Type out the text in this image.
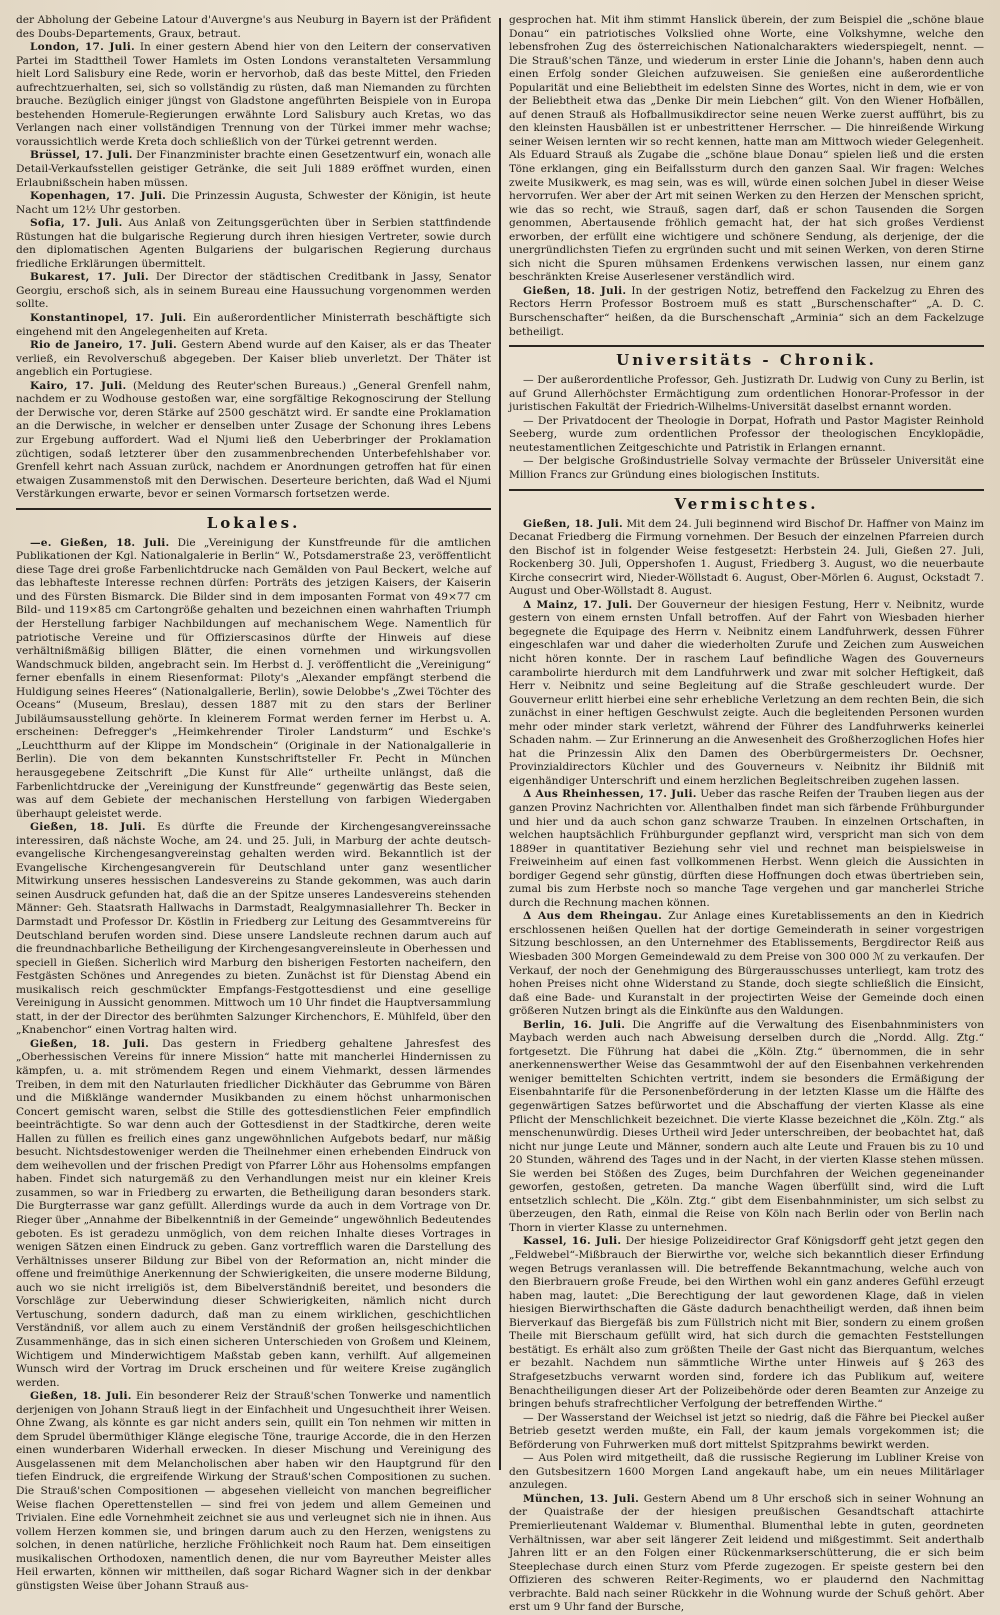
der Abholung der Gebeine Latour d'Auvergne's aus Neuburg in Bayern ist der Präfident des Doubs-Departements, Graux, betraut.

London, 17. Juli. In einer gestern Abend hier von den Leitern der conservativen Partei im Stadttheil Tower Hamlets im Osten Londons veranstalteten Versammlung hielt Lord Salisbury eine Rede, worin er hervorhob, daß das beste Mittel, den Frieden aufrechtzuerhalten, sei, sich so vollständig zu rüsten, daß man Niemanden zu fürchten brauche. Bezüglich einiger jüngst von Gladstone angeführten Beispiele von in Europa bestehenden Homerule-Regierungen erwähnte Lord Salisbury auch Kretas, wo das Verlangen nach einer vollständigen Trennung von der Türkei immer mehr wachse; voraussichtlich werde Kreta doch schließlich von der Türkei getrennt werden.

Brüssel, 17. Juli. Der Finanzminister brachte einen Gesetzentwurf ein, wonach alle Detail-Verkaufsstellen geistiger Getränke, die seit Juli 1889 eröffnet wurden, einen Erlaubnißschein haben müssen.

Kopenhagen, 17. Juli. Die Prinzessin Augusta, Schwester der Königin, ist heute Nacht um 12½ Uhr gestorben.

Sofia, 17. Juli. Aus Anlaß von Zeitungsgerüchten über in Serbien stattfindende Rüstungen hat die bulgarische Regierung durch ihren hiesigen Vertreter, sowie durch den diplomatischen Agenten Bulgariens der bulgarischen Regierung durchaus friedliche Erklärungen übermittelt.

Bukarest, 17. Juli. Der Director der städtischen Creditbank in Jassy, Senator Georgiu, erschoß sich, als in seinem Bureau eine Haussuchung vorgenommen werden sollte.

Konstantinopel, 17. Juli. Ein außerordentlicher Ministerrath beschäftigte sich eingehend mit den Angelegenheiten auf Kreta.

Rio de Janeiro, 17. Juli. Gestern Abend wurde auf den Kaiser, als er das Theater verließ, ein Revolverschuß abgegeben. Der Kaiser blieb unverletzt. Der Thäter ist angeblich ein Portugiese.

Kairo, 17. Juli. (Meldung des Reuter'schen Bureaus.) „General Grenfell nahm, nachdem er zu Wodhouse gestoßen war, eine sorgfältige Rekognoscirung der Stellung der Derwische vor, deren Stärke auf 2500 geschätzt wird. Er sandte eine Proklamation an die Derwische, in welcher er denselben unter Zusage der Schonung ihres Lebens zur Ergebung auffordert. Wad el Njumi ließ den Ueberbringer der Proklamation züchtigen, sodaß letzterer über den zusammenbrechenden Unterbefehlshaber vor. Grenfell kehrt nach Assuan zurück, nachdem er Anordnungen getroffen hat für einen etwaigen Zusammenstoß mit den Derwischen. Deserteure berichten, daß Wad el Njumi Verstärkungen erwarte, bevor er seinen Vormarsch fortsetzen werde.

Lokales.

—e. Gießen, 18. Juli. Die „Vereinigung der Kunstfreunde für die amtlichen Publikationen der Kgl. Nationalgalerie in Berlin“ W., Potsdamerstraße 23, veröffentlicht diese Tage drei große Farbenlichtdrucke nach Gemälden von Paul Beckert, welche auf das lebhafteste Interesse rechnen dürfen: Porträts des jetzigen Kaisers, der Kaiserin und des Fürsten Bismarck. Die Bilder sind in dem imposanten Format von 49×77 cm Bild- und 119×85 cm Cartongröße gehalten und bezeichnen einen wahrhaften Triumph der Herstellung farbiger Nachbildungen auf mechanischem Wege. Namentlich für patriotische Vereine und für Offizierscasinos dürfte der Hinweis auf diese verhältnißmäßig billigen Blätter, die einen vornehmen und wirkungsvollen Wandschmuck bilden, angebracht sein. Im Herbst d. J. veröffentlicht die „Vereinigung“ ferner ebenfalls in einem Riesenformat: Piloty's „Alexander empfängt sterbend die Huldigung seines Heeres“ (Nationalgallerie, Berlin), sowie Delobbe's „Zwei Töchter des Oceans“ (Museum, Breslau), dessen 1887 mit zu den stars der Berliner Jubiläumsausstellung gehörte. In kleinerem Format werden ferner im Herbst u. A. erscheinen: Defregger's „Heimkehrender Tiroler Landsturm“ und Eschke's „Leuchtthurm auf der Klippe im Mondschein“ (Originale in der Nationalgallerie in Berlin). Die von dem bekannten Kunstschriftsteller Fr. Pecht in München herausgegebene Zeitschrift „Die Kunst für Alle“ urtheilte unlängst, daß die Farbenlichtdrucke der „Vereinigung der Kunstfreunde“ gegenwärtig das Beste seien, was auf dem Gebiete der mechanischen Herstellung von farbigen Wiedergaben überhaupt geleistet werde.

Gießen, 18. Juli. Es dürfte die Freunde der Kirchengesangvereinssache interessiren, daß nächste Woche, am 24. und 25. Juli, in Marburg der achte deutsch-evangelische Kirchengesangvereinstag gehalten werden wird. Bekanntlich ist der Evangelische Kirchengesangverein für Deutschland unter ganz wesentlicher Mitwirkung unseres hessischen Landesvereins zu Stande gekommen, was auch darin seinen Ausdruck gefunden hat, daß die an der Spitze unseres Landesvereins stehenden Männer: Geh. Staatsrath Hallwachs in Darmstadt, Realgymnasiallehrer Th. Becker in Darmstadt und Professor Dr. Köstlin in Friedberg zur Leitung des Gesammtvereins für Deutschland berufen worden sind. Diese unsere Landsleute rechnen darum auch auf die freundnachbarliche Betheiligung der Kirchengesangvereinsleute in Oberhessen und speciell in Gießen. Sicherlich wird Marburg den bisherigen Festorten nacheifern, den Festgästen Schönes und Anregendes zu bieten. Zunächst ist für Dienstag Abend ein musikalisch reich geschmückter Empfangs-Festgottesdienst und eine gesellige Vereinigung in Aussicht genommen. Mittwoch um 10 Uhr findet die Hauptversammlung statt, in der der Director des berühmten Salzunger Kirchenchors, E. Mühlfeld, über den „Knabenchor“ einen Vortrag halten wird.

Gießen, 18. Juli. Das gestern in Friedberg gehaltene Jahresfest des „Oberhessischen Vereins für innere Mission“ hatte mit mancherlei Hindernissen zu kämpfen, u. a. mit strömendem Regen und einem Viehmarkt, dessen lärmendes Treiben, in dem mit den Naturlauten friedlicher Dickhäuter das Gebrumme von Bären und die Mißklänge wandernder Musikbanden zu einem höchst unharmonischen Concert gemischt waren, selbst die Stille des gottesdienstlichen Feier empfindlich beeinträchtigte. So war denn auch der Gottesdienst in der Stadtkirche, deren weite Hallen zu füllen es freilich eines ganz ungewöhnlichen Aufgebots bedarf, nur mäßig besucht. Nichtsdestoweniger werden die Theilnehmer einen erhebenden Eindruck von dem weihevollen und der frischen Predigt von Pfarrer Löhr aus Hohensolms empfangen haben. Findet sich naturgemäß zu den Verhandlungen meist nur ein kleiner Kreis zusammen, so war in Friedberg zu erwarten, die Betheiligung daran besonders stark. Die Burgterrasse war ganz gefüllt. Allerdings wurde da auch in dem Vortrage von Dr. Rieger über „Annahme der Bibelkenntniß in der Gemeinde“ ungewöhnlich Bedeutendes geboten. Es ist geradezu unmöglich, von dem reichen Inhalte dieses Vortrages in wenigen Sätzen einen Eindruck zu geben. Ganz vortrefflich waren die Darstellung des Verhältnisses unserer Bildung zur Bibel von der Reformation an, nicht minder die offene und freimüthige Anerkennung der Schwierigkeiten, die unsere moderne Bildung, auch wo sie nicht irreligiös ist, dem Bibelverständniß bereitet, und besonders die Vorschläge zur Ueberwindung dieser Schwierigkeiten, nämlich nicht durch Vertuschung, sondern dadurch, daß man zu einem wirklichen, geschichtlichen Verständniß, vor allem auch zu einem Verständniß der großen heilsgeschichtlichen Zusammenhänge, das in sich einen sicheren Unterschieden von Großem und Kleinem, Wichtigem und Minderwichtigem Maßstab geben kann, verhilft. Auf allgemeinen Wunsch wird der Vortrag im Druck erscheinen und für weitere Kreise zugänglich werden.

Gießen, 18. Juli. Ein besonderer Reiz der Strauß'schen Tonwerke und namentlich derjenigen von Johann Strauß liegt in der Einfachheit und Ungesuchtheit ihrer Weisen. Ohne Zwang, als könnte es gar nicht anders sein, quillt ein Ton nehmen wir mitten in dem Sprudel übermüthiger Klänge elegische Töne, traurige Accorde, die in den Herzen einen wunderbaren Widerhall erwecken. In dieser Mischung und Vereinigung des Ausgelassenen mit dem Melancholischen aber haben wir den Hauptgrund für den tiefen Eindruck, die ergreifende Wirkung der Strauß'schen Compositionen zu suchen. Die Strauß'schen Compositionen — abgesehen vielleicht von manchen begreiflicher Weise flachen Operettenstellen — sind frei von jedem und allem Gemeinen und Trivialen. Eine edle Vornehmheit zeichnet sie aus und verleugnet sich nie in ihnen. Aus vollem Herzen kommen sie, und bringen darum auch zu den Herzen, wenigstens zu solchen, in denen natürliche, herzliche Fröhlichkeit noch Raum hat. Dem einseitigen musikalischen Orthodoxen, namentlich denen, die nur vom Bayreuther Meister alles Heil erwarten, können wir mittheilen, daß sogar Richard Wagner sich in der denkbar günstigsten Weise über Johann Strauß aus-

gesprochen hat. Mit ihm stimmt Hanslick überein, der zum Beispiel die „schöne blaue Donau“ ein patriotisches Volkslied ohne Worte, eine Volkshymne, welche den lebensfrohen Zug des österreichischen Nationalcharakters wiederspiegelt, nennt. — Die Strauß'schen Tänze, und wiederum in erster Linie die Johann's, haben denn auch einen Erfolg sonder Gleichen aufzuweisen. Sie genießen eine außerordentliche Popularität und eine Beliebtheit im edelsten Sinne des Wortes, nicht in dem, wie er von der Beliebtheit etwa das „Denke Dir mein Liebchen“ gilt. Von den Wiener Hofbällen, auf denen Strauß als Hofballmusikdirector seine neuen Werke zuerst aufführt, bis zu den kleinsten Hausbällen ist er unbestrittener Herrscher. — Die hinreißende Wirkung seiner Weisen lernten wir so recht kennen, hatte man am Mittwoch wieder Gelegenheit. Als Eduard Strauß als Zugabe die „schöne blaue Donau“ spielen ließ und die ersten Töne erklangen, ging ein Beifallssturm durch den ganzen Saal. Wir fragen: Welches zweite Musikwerk, es mag sein, was es will, würde einen solchen Jubel in dieser Weise hervorrufen. Wer aber der Art mit seinen Werken zu den Herzen der Menschen spricht, wie das so recht, wie Strauß, sagen darf, daß er schon Tausenden die Sorgen genommen, Abertausende fröhlich gemacht hat, der hat sich großes Verdienst erworben, der erfüllt eine wichtigere und schönere Sendung, als derjenige, der die unergründlichsten Tiefen zu ergründen sucht und mit seinen Werken, von deren Stirne sich nicht die Spuren mühsamen Erdenkens verwischen lassen, nur einem ganz beschränkten Kreise Auserlesener verständlich wird.

Gießen, 18. Juli. In der gestrigen Notiz, betreffend den Fackelzug zu Ehren des Rectors Herrn Professor Bostroem muß es statt „Burschenschafter“ „A. D. C. Burschenschafter“ heißen, da die Burschenschaft „Arminia“ sich an dem Fackelzuge betheiligt.

Universitäts - Chronik.

— Der außerordentliche Professor, Geh. Justizrath Dr. Ludwig von Cuny zu Berlin, ist auf Grund Allerhöchster Ermächtigung zum ordentlichen Honorar-Professor in der juristischen Fakultät der Friedrich-Wilhelms-Universität daselbst ernannt worden.

— Der Privatdocent der Theologie in Dorpat, Hofrath und Pastor Magister Reinhold Seeberg, wurde zum ordentlichen Professor der theologischen Encyklopädie, neutestamentlichen Zeitgeschichte und Patristik in Erlangen ernannt.

— Der belgische Großindustrielle Solvay vermachte der Brüsseler Universität eine Million Francs zur Gründung eines biologischen Instituts.

Vermischtes.

Gießen, 18. Juli. Mit dem 24. Juli beginnend wird Bischof Dr. Haffner von Mainz im Decanat Friedberg die Firmung vornehmen. Der Besuch der einzelnen Pfarreien durch den Bischof ist in folgender Weise festgesetzt: Herbstein 24. Juli, Gießen 27. Juli, Rockenberg 30. Juli, Oppershofen 1. August, Friedberg 3. August, wo die neuerbaute Kirche consecrirt wird, Nieder-Wöllstadt 6. August, Ober-Mörlen 6. August, Ockstadt 7. August und Ober-Wöllstadt 8. August.

Δ Mainz, 17. Juli. Der Gouverneur der hiesigen Festung, Herr v. Neibnitz, wurde gestern von einem ernsten Unfall betroffen. Auf der Fahrt von Wiesbaden hierher begegnete die Equipage des Herrn v. Neibnitz einem Landfuhrwerk, dessen Führer eingeschlafen war und daher die wiederholten Zurufe und Zeichen zum Ausweichen nicht hören konnte. Der in raschem Lauf befindliche Wagen des Gouverneurs carambolirte hierdurch mit dem Landfuhrwerk und zwar mit solcher Heftigkeit, daß Herr v. Neibnitz und seine Begleitung auf die Straße geschleudert wurde. Der Gouverneur erlitt hierbei eine sehr erhebliche Verletzung an dem rechten Bein, die sich zunächst in einer heftigen Geschwulst zeigte. Auch die begleitenden Personen wurden mehr oder minder stark verletzt, während der Führer des Landfuhrwerks keinerlei Schaden nahm. — Zur Erinnerung an die Anwesenheit des Großherzoglichen Hofes hier hat die Prinzessin Alix den Damen des Oberbürgermeisters Dr. Oechsner, Provinzialdirectors Küchler und des Gouverneurs v. Neibnitz ihr Bildniß mit eigenhändiger Unterschrift und einem herzlichen Begleitschreiben zugehen lassen.

Δ Aus Rheinhessen, 17. Juli. Ueber das rasche Reifen der Trauben liegen aus der ganzen Provinz Nachrichten vor. Allenthalben findet man sich färbende Frühburgunder und hier und da auch schon ganz schwarze Trauben. In einzelnen Ortschaften, in welchen hauptsächlich Frühburgunder gepflanzt wird, verspricht man sich von dem 1889er in quantitativer Beziehung sehr viel und rechnet man beispielsweise in Freiweinheim auf einen fast vollkommenen Herbst. Wenn gleich die Aussichten in bordiger Gegend sehr günstig, dürften diese Hoffnungen doch etwas übertrieben sein, zumal bis zum Herbste noch so manche Tage vergehen und gar mancherlei Striche durch die Rechnung machen können.

Δ Aus dem Rheingau. Zur Anlage eines Kuretablissements an den in Kiedrich erschlossenen heißen Quellen hat der dortige Gemeinderath in seiner vorgestrigen Sitzung beschlossen, an den Unternehmer des Etablissements, Bergdirector Reiß aus Wiesbaden 300 Morgen Gemeindewald zu dem Preise von 300 000 ℳ zu verkaufen. Der Verkauf, der noch der Genehmigung des Bürgerausschusses unterliegt, kam trotz des hohen Preises nicht ohne Widerstand zu Stande, doch siegte schließlich die Einsicht, daß eine Bade- und Kuranstalt in der projectirten Weise der Gemeinde doch einen größeren Nutzen bringt als die Einkünfte aus den Waldungen.

Berlin, 16. Juli. Die Angriffe auf die Verwaltung des Eisenbahnministers von Maybach werden auch nach Abweisung derselben durch die „Nordd. Allg. Ztg.“ fortgesetzt. Die Führung hat dabei die „Köln. Ztg.“ übernommen, die in sehr anerkennenswerther Weise das Gesammtwohl der auf den Eisenbahnen verkehrenden weniger bemittelten Schichten vertritt, indem sie besonders die Ermäßigung der Eisenbahntarife für die Personenbeförderung in der letzten Klasse um die Hälfte des gegenwärtigen Satzes befürwortet und die Abschaffung der vierten Klasse als eine Pflicht der Menschlichkeit bezeichnet. Die vierte Klasse bezeichnet die „Köln. Ztg.“ als menschenunwürdig. Dieses Urtheil wird Jeder unterschreiben, der beobachtet hat, daß nicht nur junge Leute und Männer, sondern auch alte Leute und Frauen bis zu 10 und 20 Stunden, während des Tages und in der Nacht, in der vierten Klasse stehen müssen. Sie werden bei Stößen des Zuges, beim Durchfahren der Weichen gegeneinander geworfen, gestoßen, getreten. Da manche Wagen überfüllt sind, wird die Luft entsetzlich schlecht. Die „Köln. Ztg.“ gibt dem Eisenbahnminister, um sich selbst zu überzeugen, den Rath, einmal die Reise von Köln nach Berlin oder von Berlin nach Thorn in vierter Klasse zu unternehmen.

Kassel, 16. Juli. Der hiesige Polizeidirector Graf Königsdorff geht jetzt gegen den „Feldwebel“-Mißbrauch der Bierwirthe vor, welche sich bekanntlich dieser Erfindung wegen Betrugs veranlassen will. Die betreffende Bekanntmachung, welche auch von den Bierbrauern große Freude, bei den Wirthen wohl ein ganz anderes Gefühl erzeugt haben mag, lautet: „Die Berechtigung der laut gewordenen Klage, daß in vielen hiesigen Bierwirthschaften die Gäste dadurch benachtheiligt werden, daß ihnen beim Bierverkauf das Biergefäß bis zum Füllstrich nicht mit Bier, sondern zu einem großen Theile mit Bierschaum gefüllt wird, hat sich durch die gemachten Feststellungen bestätigt. Es erhält also zum größten Theile der Gast nicht das Bierquantum, welches er bezahlt. Nachdem nun sämmtliche Wirthe unter Hinweis auf § 263 des Strafgesetzbuchs verwarnt worden sind, fordere ich das Publikum auf, weitere Benachtheiligungen dieser Art der Polizeibehörde oder deren Beamten zur Anzeige zu bringen behufs strafrechtlicher Verfolgung der betreffenden Wirthe.“

— Der Wasserstand der Weichsel ist jetzt so niedrig, daß die Fähre bei Pieckel außer Betrieb gesetzt werden mußte, ein Fall, der kaum jemals vorgekommen ist; die Beförderung von Fuhrwerken muß dort mittelst Spitzprahms bewirkt werden.

— Aus Polen wird mitgetheilt, daß die russische Regierung im Lubliner Kreise von den Gutsbesitzern 1600 Morgen Land angekauft habe, um ein neues Militärlager anzulegen.

München, 13. Juli. Gestern Abend um 8 Uhr erschoß sich in seiner Wohnung an der Quaistraße der der hiesigen preußischen Gesandtschaft attachirte Premierlieutenant Waldemar v. Blumenthal. Blumenthal lebte in guten, geordneten Verhältnissen, war aber seit längerer Zeit leidend und mißgestimmt. Seit anderthalb Jahren litt er an den Folgen einer Rückenmarkserschütterung, die er sich beim Steeplechase durch einen Sturz vom Pferde zugezogen. Er speiste gestern bei den Offizieren des schweren Reiter-Regiments, wo er plaudernd den Nachmittag verbrachte. Bald nach seiner Rückkehr in die Wohnung wurde der Schuß gehört. Aber erst um 9 Uhr fand der Bursche,
